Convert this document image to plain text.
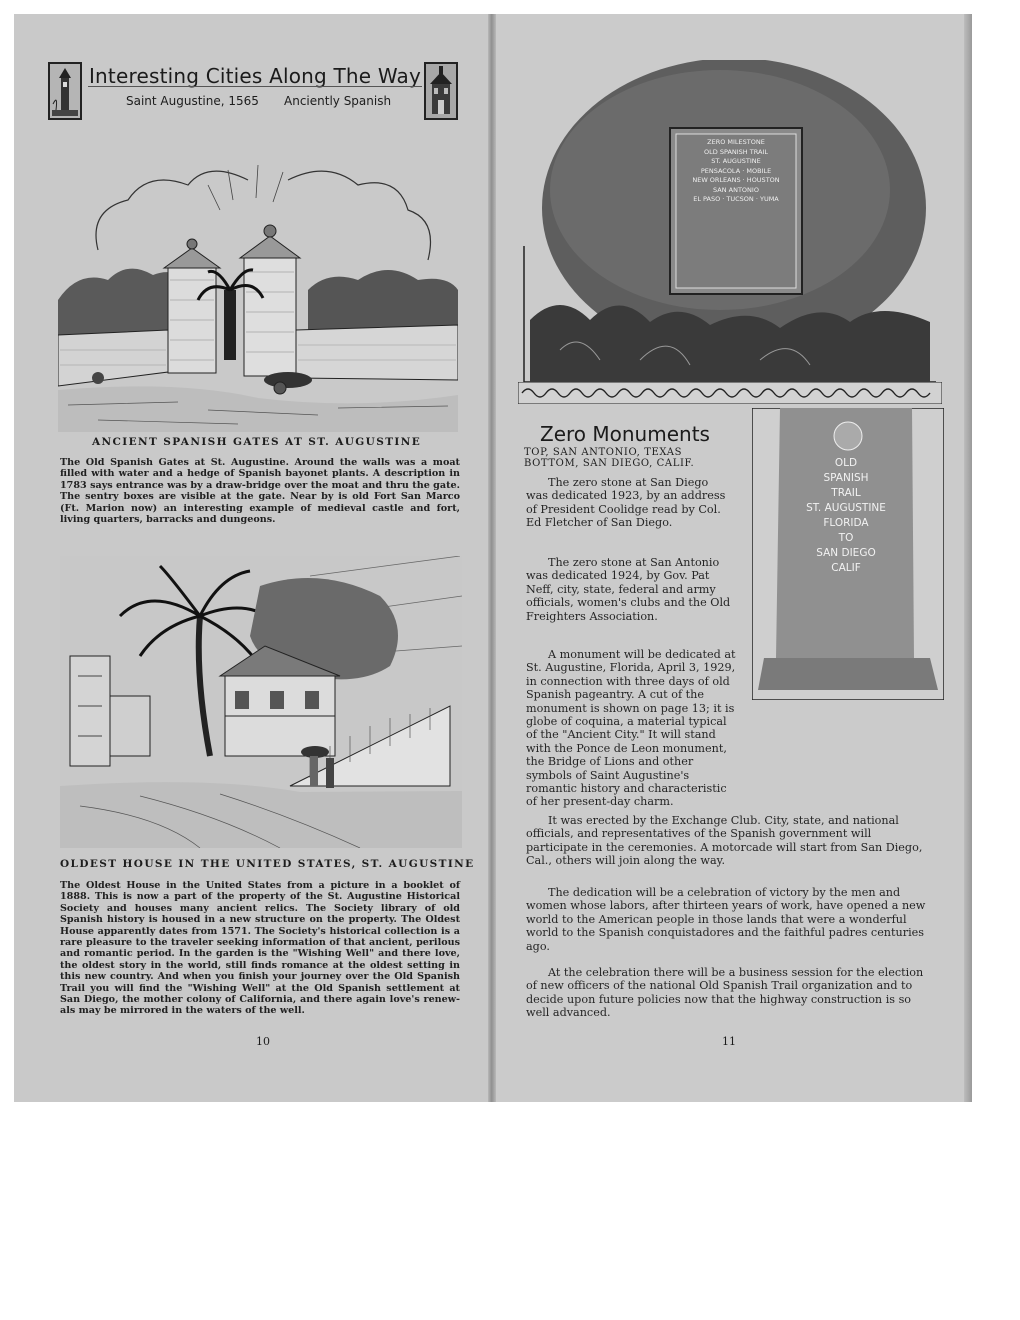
Interesting Cities Along The Way
Saint Augustine, 1565 Anciently Spanish
ANCIENT SPANISH GATES AT ST. AUGUSTINE
The Old Spanish Gates at St. Augustine. Around the walls was a moat filled with water and a hedge of Spanish bayonet plants. A description in 1783 says entrance was by a draw-bridge over the moat and thru the gate. The sentry boxes are visible at the gate. Near by is old Fort San Marco (Ft. Marion now) an interesting example of medieval castle and fort, living quarters, barracks and dungeons.
OLDEST HOUSE IN THE UNITED STATES, ST. AUGUSTINE
The Oldest House in the United States from a picture in a booklet of 1888. This is now a part of the property of the St. Augustine Historical Society and houses many ancient relics. The Society library of old Spanish history is housed in a new structure on the property. The Oldest House apparently dates from 1571. The Society's historical collection is a rare pleasure to the traveler seeking information of that ancient, perilous and romantic period. In the garden is the "Wishing Well" and there love, the oldest story in the world, still finds romance at the oldest setting in this new country. And when you finish your journey over the Old Spanish Trail you will find the "Wishing Well" at the Old Spanish settlement at San Diego, the mother colony of California, and there again love's renew-als may be mirrored in the waters of the well.
10
ZERO MILESTONE
OLD SPANISH TRAIL
ST. AUGUSTINE
PENSACOLA · MOBILE
NEW ORLEANS · HOUSTON
SAN ANTONIO
EL PASO · TUCSON · YUMA
OLD
SPANISH
TRAIL
ST. AUGUSTINE
FLORIDA
TO
SAN DIEGO
CALIF
Zero Monuments
TOP, SAN ANTONIO, TEXAS
BOTTOM, SAN DIEGO, CALIF.

The zero stone at San Diego was dedicated 1923, by an address of President Coolidge read by Col. Ed Fletcher of San Diego.

The zero stone at San Antonio was dedicated 1924, by Gov. Pat Neff, city, state, federal and army officials, women's clubs and the Old Freighters Association.

A monument will be dedicated at St. Augustine, Florida, April 3, 1929, in connection with three days of old Spanish pageantry. A cut of the monument is shown on page 13; it is globe of coquina, a material typical of the "Ancient City." It will stand with the Ponce de Leon monument, the Bridge of Lions and other symbols of Saint Augustine's romantic history and characteristic of her present-day charm.

It was erected by the Exchange Club. City, state, and national officials, and representatives of the Spanish government will participate in the ceremonies. A motorcade will start from San Diego, Cal., others will join along the way.

The dedication will be a celebration of victory by the men and women whose labors, after thirteen years of work, have opened a new world to the American people in those lands that were a wonderful world to the Spanish conquistadores and the faithful padres centuries ago.

At the celebration there will be a business session for the election of new officers of the national Old Spanish Trail organization and to decide upon future policies now that the highway construction is so well advanced.

11
